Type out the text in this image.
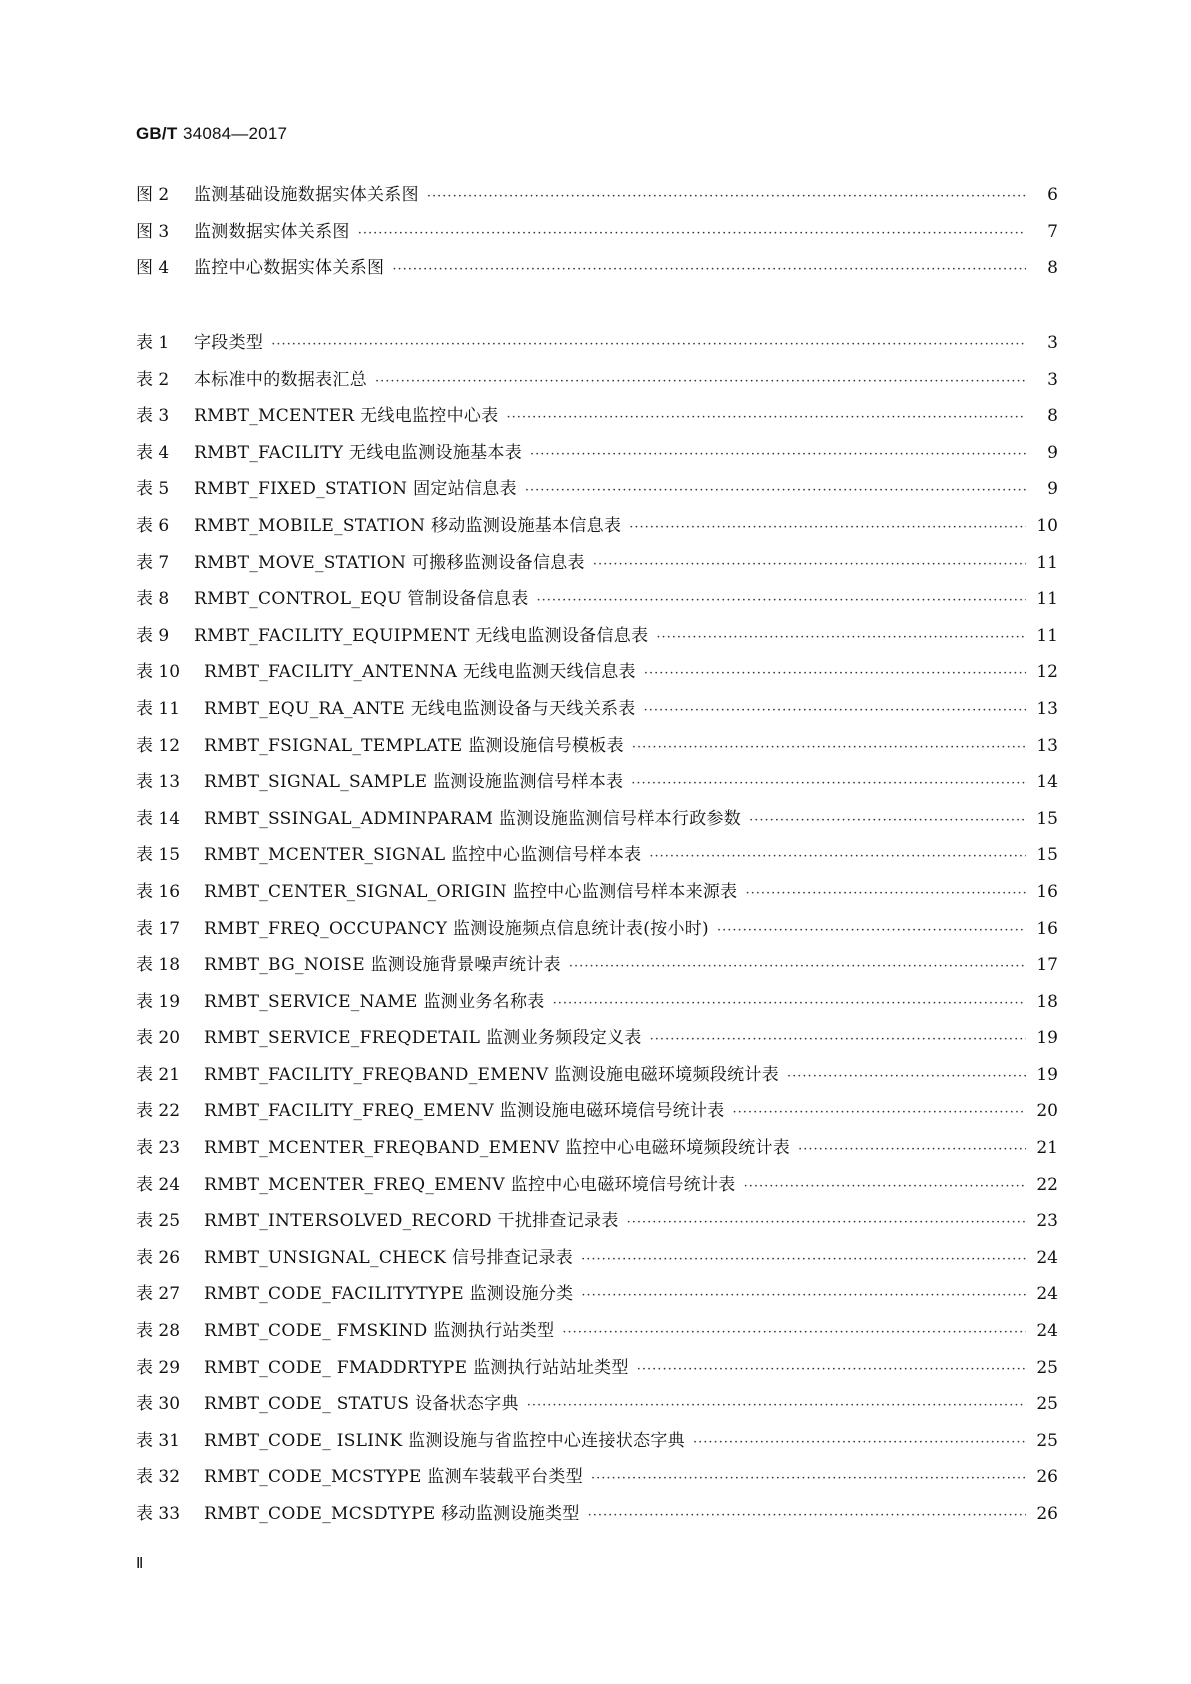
GB/T 34084—2017
图 2	监测基础设施数据实体关系图 ·····	6
图 3	监测数据实体关系图 ·····	7
图 4	监控中心数据实体关系图 ·····	8
表 1	字段类型 ·····	3
表 2	本标准中的数据表汇总 ·····	3
表 3	RMBT_MCENTER 无线电监控中心表 ·····	8
表 4	RMBT_FACILITY 无线电监测设施基本表 ·····	9
表 5	RMBT_FIXED_STATION 固定站信息表 ·····	9
表 6	RMBT_MOBILE_STATION 移动监测设施基本信息表 ·····	10
表 7	RMBT_MOVE_STATION 可搬移监测设备信息表 ·····	11
表 8	RMBT_CONTROL_EQU 管制设备信息表 ·····	11
表 9	RMBT_FACILITY_EQUIPMENT 无线电监测设备信息表 ·····	11
表 10	RMBT_FACILITY_ANTENNA 无线电监测天线信息表 ·····	12
表 11	RMBT_EQU_RA_ANTE 无线电监测设备与天线关系表 ·····	13
表 12	RMBT_FSIGNAL_TEMPLATE 监测设施信号模板表 ·····	13
表 13	RMBT_SIGNAL_SAMPLE 监测设施监测信号样本表 ·····	14
表 14	RMBT_SSINGAL_ADMINPARAM 监测设施监测信号样本行政参数 ·····	15
表 15	RMBT_MCENTER_SIGNAL 监控中心监测信号样本表 ·····	15
表 16	RMBT_CENTER_SIGNAL_ORIGIN 监控中心监测信号样本来源表 ·····	16
表 17	RMBT_FREQ_OCCUPANCY 监测设施频点信息统计表(按小时) ·····	16
表 18	RMBT_BG_NOISE 监测设施背景噪声统计表 ·····	17
表 19	RMBT_SERVICE_NAME 监测业务名称表 ·····	18
表 20	RMBT_SERVICE_FREQDETAIL 监测业务频段定义表 ·····	19
表 21	RMBT_FACILITY_FREQBAND_EMENV 监测设施电磁环境频段统计表 ·····	19
表 22	RMBT_FACILITY_FREQ_EMENV 监测设施电磁环境信号统计表 ·····	20
表 23	RMBT_MCENTER_FREQBAND_EMENV 监控中心电磁环境频段统计表 ·····	21
表 24	RMBT_MCENTER_FREQ_EMENV 监控中心电磁环境信号统计表 ·····	22
表 25	RMBT_INTERSOLVED_RECORD 干扰排查记录表 ·····	23
表 26	RMBT_UNSIGNAL_CHECK 信号排查记录表 ·····	24
表 27	RMBT_CODE_FACILITYTYPE 监测设施分类 ·····	24
表 28	RMBT_CODE_ FMSKIND 监测执行站类型 ·····	24
表 29	RMBT_CODE_ FMADDRTYPE 监测执行站站址类型 ·····	25
表 30	RMBT_CODE_ STATUS 设备状态字典 ·····	25
表 31	RMBT_CODE_ ISLINK 监测设施与省监控中心连接状态字典 ·····	25
表 32	RMBT_CODE_MCSTYPE 监测车装载平台类型 ·····	26
表 33	RMBT_CODE_MCSDTYPE 移动监测设施类型 ·····	26
Ⅱ
